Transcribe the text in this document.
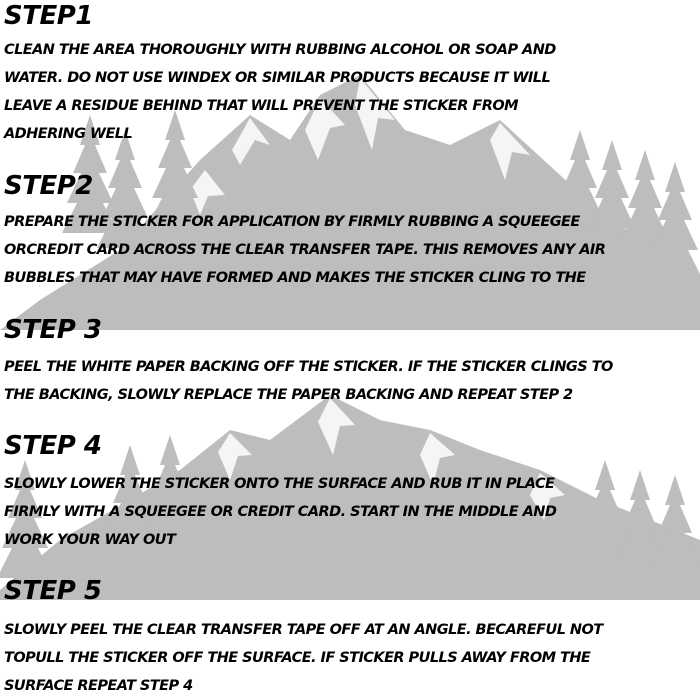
STEP1

CLEAN THE AREA THOROUGHLY WITH RUBBING ALCOHOL OR SOAP AND
WATER. DO NOT USE WINDEX OR SIMILAR PRODUCTS BECAUSE IT WILL
LEAVE A RESIDUE BEHIND THAT WILL PREVENT THE STICKER FROM
ADHERING WELL

STEP2

PREPARE THE STICKER FOR APPLICATION BY FIRMLY RUBBING A SQUEEGEE
ORCREDIT CARD ACROSS THE CLEAR TRANSFER TAPE. THIS REMOVES ANY AIR
BUBBLES THAT MAY HAVE FORMED AND MAKES THE STICKER CLING TO THE

STEP 3

PEEL THE WHITE PAPER BACKING OFF THE STICKER. IF THE STICKER CLINGS TO
THE BACKING, SLOWLY REPLACE THE PAPER BACKING AND REPEAT STEP 2

STEP 4

SLOWLY LOWER THE STICKER ONTO THE SURFACE AND RUB IT IN PLACE
FIRMLY WITH A SQUEEGEE OR CREDIT CARD. START IN THE MIDDLE AND
WORK YOUR WAY OUT

STEP 5

SLOWLY PEEL THE CLEAR TRANSFER TAPE OFF AT AN ANGLE. BECAREFUL NOT
TOPULL THE STICKER OFF THE SURFACE. IF STICKER PULLS AWAY FROM THE
SURFACE REPEAT STEP 4
